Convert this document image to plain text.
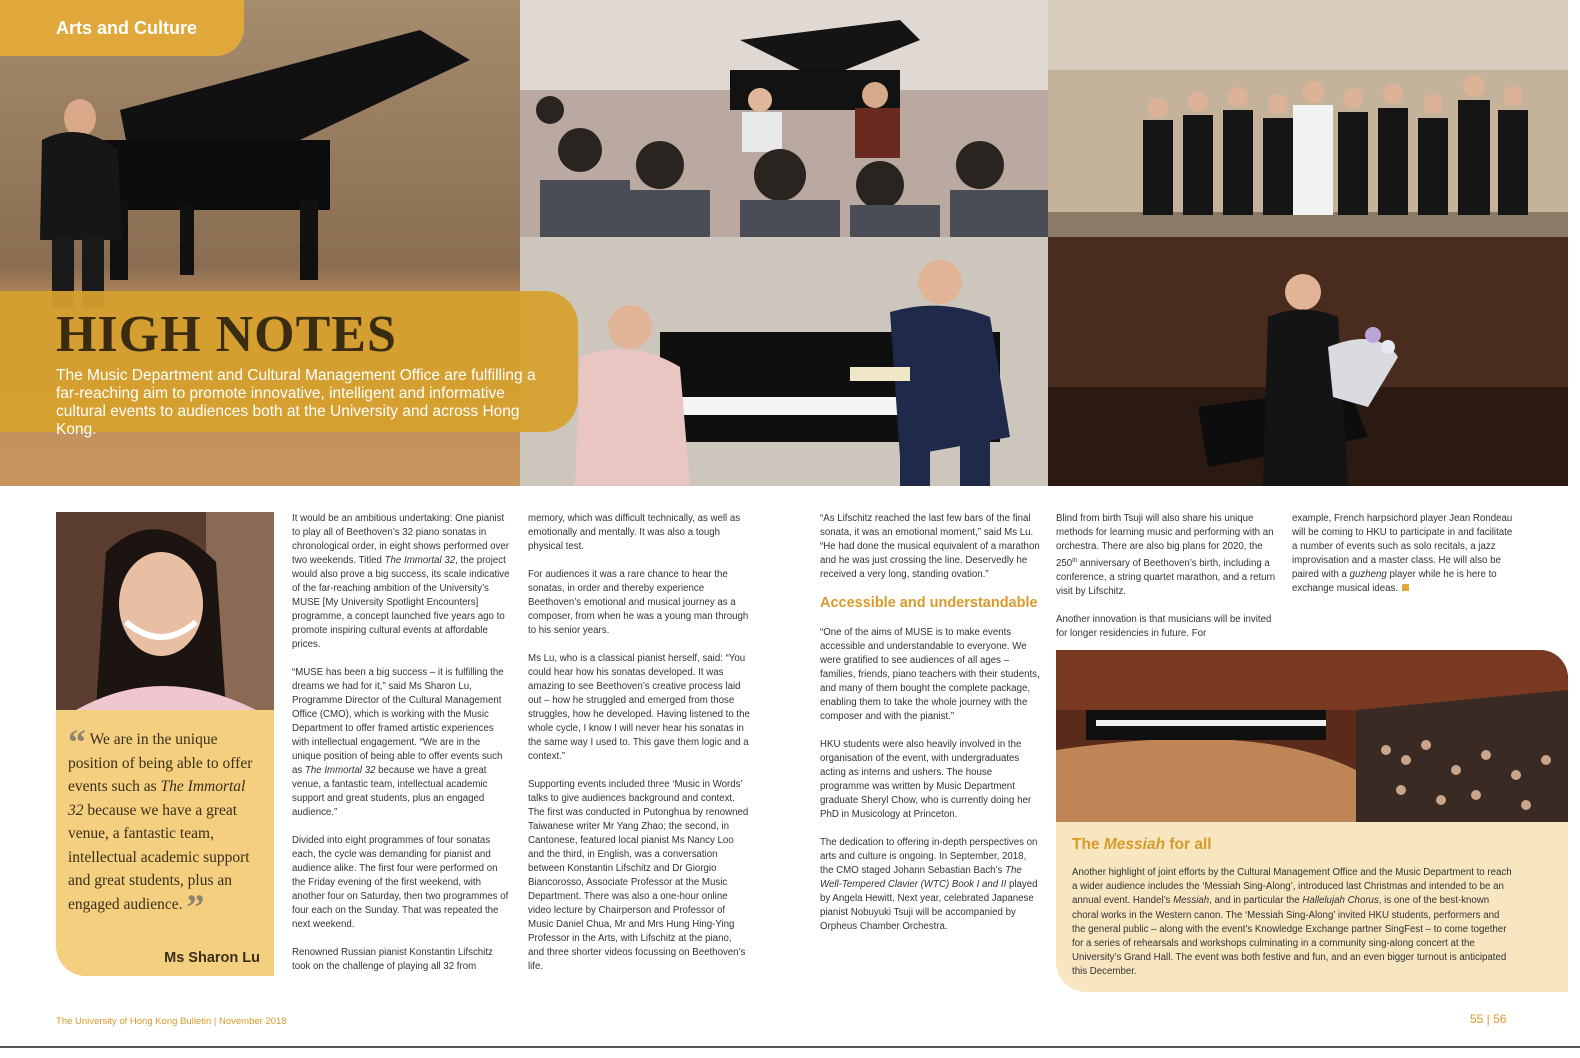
Arts and Culture
HIGH NOTES

The Music Department and Cultural Management Office are fulfilling a far-reaching aim to promote innovative, intelligent and informative cultural events to audiences both at the University and across Hong Kong.

“ We are in the unique position of being able to offer events such as The Immortal 32 because we have a great venue, a fantastic team, intellectual academic support and great students, plus an engaged audience. ”

Ms Sharon Lu

It would be an ambitious undertaking: One pianist to play all of Beethoven’s 32 piano sonatas in chronological order, in eight shows performed over two weekends. Titled The Immortal 32, the project would also prove a big success, its scale indicative of the far-reaching ambition of the University’s MUSE [My University Spotlight Encounters] programme, a concept launched five years ago to promote inspiring cultural events at affordable prices.

“MUSE has been a big success – it is fulfilling the dreams we had for it,” said Ms Sharon Lu, Programme Director of the Cultural Management Office (CMO), which is working with the Music Department to offer framed artistic experiences with intellectual engagement. “We are in the unique position of being able to offer events such as The Immortal 32 because we have a great venue, a fantastic team, intellectual academic support and great students, plus an engaged audience.”

Divided into eight programmes of four sonatas each, the cycle was demanding for pianist and audience alike. The first four were performed on the Friday evening of the first weekend, with another four on Saturday, then two programmes of four each on the Sunday. That was repeated the next weekend.

Renowned Russian pianist Konstantin Lifschitz took on the challenge of playing all 32 from

memory, which was difficult technically, as well as emotionally and mentally. It was also a tough physical test.

For audiences it was a rare chance to hear the sonatas, in order and thereby experience Beethoven’s emotional and musical journey as a composer, from when he was a young man through to his senior years.

Ms Lu, who is a classical pianist herself, said: “You could hear how his sonatas developed. It was amazing to see Beethoven’s creative process laid out – how he struggled and emerged from those struggles, how he developed. Having listened to the whole cycle, I know I will never hear his sonatas in the same way I used to. This gave them logic and a context.”

Supporting events included three ‘Music in Words’ talks to give audiences background and context. The first was conducted in Putonghua by renowned Taiwanese writer Mr Yang Zhao; the second, in Cantonese, featured local pianist Ms Nancy Loo and the third, in English, was a conversation between Konstantin Lifschitz and Dr Giorgio Biancorosso, Associate Professor at the Music Department. There was also a one-hour online video lecture by Chairperson and Professor of Music Daniel Chua, Mr and Mrs Hung Hing-Ying Professor in the Arts, with Lifschitz at the piano, and three shorter videos focussing on Beethoven’s life.

“As Lifschitz reached the last few bars of the final sonata, it was an emotional moment,” said Ms Lu. “He had done the musical equivalent of a marathon and he was just crossing the line. Deservedly he received a very long, standing ovation.”

Accessible and understandable

“One of the aims of MUSE is to make events accessible and understandable to everyone. We were gratified to see audiences of all ages – families, friends, piano teachers with their students, and many of them bought the complete package, enabling them to take the whole journey with the composer and with the pianist.”

HKU students were also heavily involved in the organisation of the event, with undergraduates acting as interns and ushers. The house programme was written by Music Department graduate Sheryl Chow, who is currently doing her PhD in Musicology at Princeton.

The dedication to offering in-depth perspectives on arts and culture is ongoing. In September, 2018, the CMO staged Johann Sebastian Bach’s The Well-Tempered Clavier (WTC) Book I and II played by Angela Hewitt. Next year, celebrated Japanese pianist Nobuyuki Tsuji will be accompanied by Orpheus Chamber Orchestra.

Blind from birth Tsuji will also share his unique methods for learning music and performing with an orchestra. There are also big plans for 2020, the 250th anniversary of Beethoven’s birth, including a conference, a string quartet marathon, and a return visit by Lifschitz.

Another innovation is that musicians will be invited for longer residencies in future. For

example, French harpsichord player Jean Rondeau will be coming to HKU to participate in and facilitate a number of events such as solo recitals, a jazz improvisation and a master class. He will also be paired with a guzheng player while he is here to exchange musical ideas.

The Messiah for all

Another highlight of joint efforts by the Cultural Management Office and the Music Department to reach a wider audience includes the ‘Messiah Sing-Along’, introduced last Christmas and intended to be an annual event. Handel’s Messiah, and in particular the Hallelujah Chorus, is one of the best-known choral works in the Western canon. The ‘Messiah Sing-Along’ invited HKU students, performers and the general public – along with the event’s Knowledge Exchange partner SingFest – to come together for a series of rehearsals and workshops culminating in a community sing-along concert at the University’s Grand Hall. The event was both festive and fun, and an even bigger turnout is anticipated this December.

The University of Hong Kong Bulletin | November 2018	55 | 56
